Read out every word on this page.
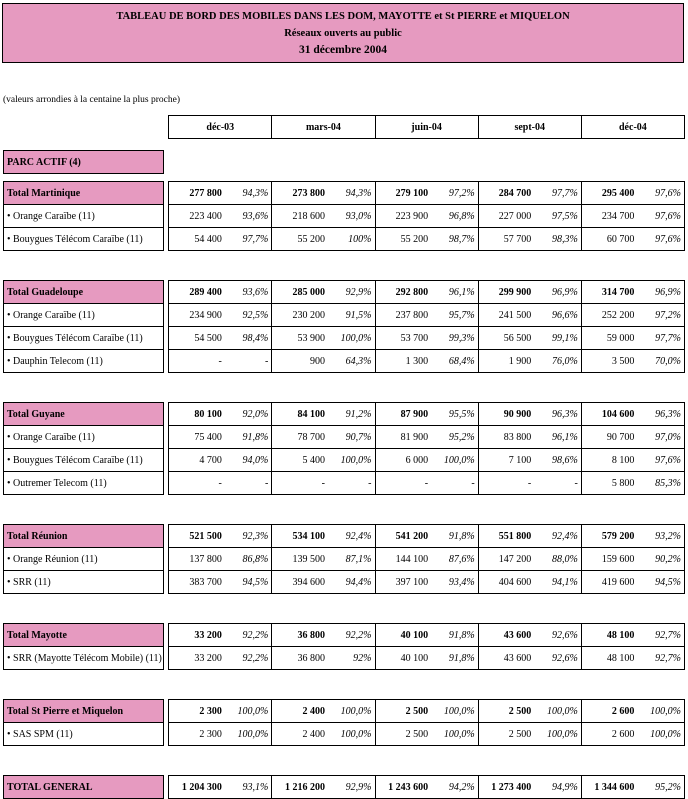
TABLEAU DE BORD DES MOBILES DANS LES DOM, MAYOTTE et St PIERRE et MIQUELON
Réseaux ouverts au public
31 décembre 2004
(valeurs arrondies à la centaine la plus proche)
		déc-03		mars-04		juin-04		sept-04		déc-04	

PARC ACTIF (4)											

Total Martinique		277 800	94,3%	273 800	94,3%	279 100	97,2%	284 700	97,7%	295 400	97,6%
• Orange Caraïbe (11)		223 400	93,6%	218 600	93,0%	223 900	96,8%	227 000	97,5%	234 700	97,6%
• Bouygues Télécom Caraïbe (11)		54 400	97,7%	55 200	100%	55 200	98,7%	57 700	98,3%	60 700	97,6%

Total Guadeloupe		289 400	93,6%	285 000	92,9%	292 800	96,1%	299 900	96,9%	314 700	96,9%
• Orange Caraïbe (11)		234 900	92,5%	230 200	91,5%	237 800	95,7%	241 500	96,6%	252 200	97,2%
• Bouygues Télécom Caraïbe (11)		54 500	98,4%	53 900	100,0%	53 700	99,3%	56 500	99,1%	59 000	97,7%
• Dauphin Telecom (11)		-	-	900	64,3%	1 300	68,4%	1 900	76,0%	3 500	70,0%

Total Guyane		80 100	92,0%	84 100	91,2%	87 900	95,5%	90 900	96,3%	104 600	96,3%
• Orange Caraïbe (11)		75 400	91,8%	78 700	90,7%	81 900	95,2%	83 800	96,1%	90 700	97,0%
• Bouygues Télécom Caraïbe (11)		4 700	94,0%	5 400	100,0%	6 000	100,0%	7 100	98,6%	8 100	97,6%
• Outremer Telecom (11)		-	-	-	-	-	-	-	-	5 800	85,3%

Total Réunion		521 500	92,3%	534 100	92,4%	541 200	91,8%	551 800	92,4%	579 200	93,2%
• Orange Réunion (11)		137 800	86,8%	139 500	87,1%	144 100	87,6%	147 200	88,0%	159 600	90,2%
• SRR (11)		383 700	94,5%	394 600	94,4%	397 100	93,4%	404 600	94,1%	419 600	94,5%

Total Mayotte		33 200	92,2%	36 800	92,2%	40 100	91,8%	43 600	92,6%	48 100	92,7%
• SRR (Mayotte Télécom Mobile) (11)		33 200	92,2%	36 800	92%	40 100	91,8%	43 600	92,6%	48 100	92,7%

Total St Pierre et Miquelon		2 300	100,0%	2 400	100,0%	2 500	100,0%	2 500	100,0%	2 600	100,0%
• SAS SPM (11)		2 300	100,0%	2 400	100,0%	2 500	100,0%	2 500	100,0%	2 600	100,0%

TOTAL GENERAL		1 204 300	93,1%	1 216 200	92,9%	1 243 600	94,2%	1 273 400	94,9%	1 344 600	95,2%
